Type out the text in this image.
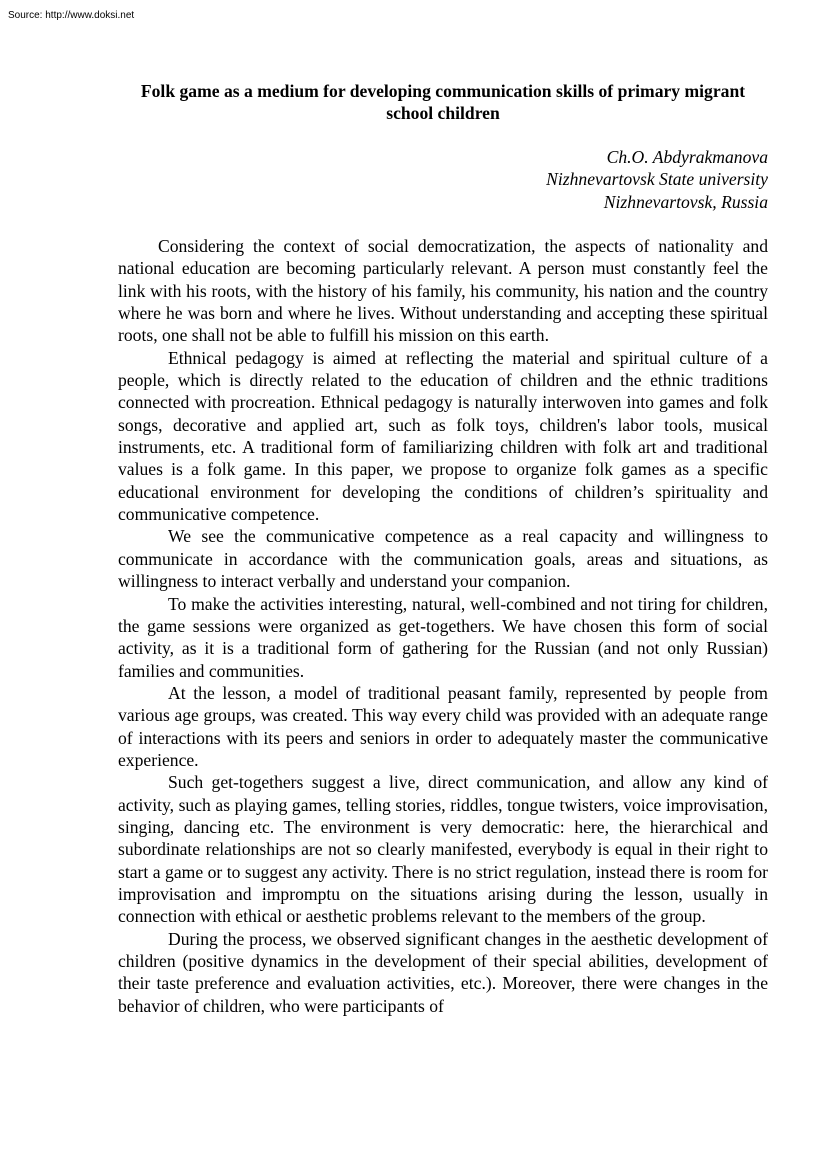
Source: http://www.doksi.net
Folk game as a medium for developing communication skills of primary migrant school children
Ch.O. Abdyrakmanova
Nizhnevartovsk State university
Nizhnevartovsk, Russia

Considering the context of social democratization, the aspects of nationality and national education are becoming particularly relevant. A person must constantly feel the link with his roots, with the history of his family, his community, his nation and the country where he was born and where he lives. Without understanding and accepting these spiritual roots, one shall not be able to fulfill his mission on this earth.

Ethnical pedagogy is aimed at reflecting the material and spiritual culture of a people, which is directly related to the education of children and the ethnic traditions connected with procreation. Ethnical pedagogy is naturally interwoven into games and folk songs, decorative and applied art, such as folk toys, children's labor tools, musical instruments, etc. A traditional form of familiarizing children with folk art and traditional values is a folk game. In this paper, we propose to organize folk games as a specific educational environment for developing the conditions of children’s spirituality and communicative competence.

We see the communicative competence as a real capacity and willingness to communicate in accordance with the communication goals, areas and situations, as willingness to interact verbally and understand your companion.

To make the activities interesting, natural, well-combined and not tiring for children, the game sessions were organized as get-togethers. We have chosen this form of social activity, as it is a traditional form of gathering for the Russian (and not only Russian) families and communities.

At the lesson, a model of traditional peasant family, represented by people from various age groups, was created. This way every child was provided with an adequate range of interactions with its peers and seniors in order to adequately master the communicative experience.

Such get-togethers suggest a live, direct communication, and allow any kind of activity, such as playing games, telling stories, riddles, tongue twisters, voice improvisation, singing, dancing etc. The environment is very democratic: here, the hierarchical and subordinate relationships are not so clearly manifested, everybody is equal in their right to start a game or to suggest any activity. There is no strict regulation, instead there is room for improvisation and impromptu on the situations arising during the lesson, usually in connection with ethical or aesthetic problems relevant to the members of the group.

During the process, we observed significant changes in the aesthetic development of children (positive dynamics in the development of their special abilities, development of their taste preference and evaluation activities, etc.). Moreover, there were changes in the behavior of children, who were participants of
